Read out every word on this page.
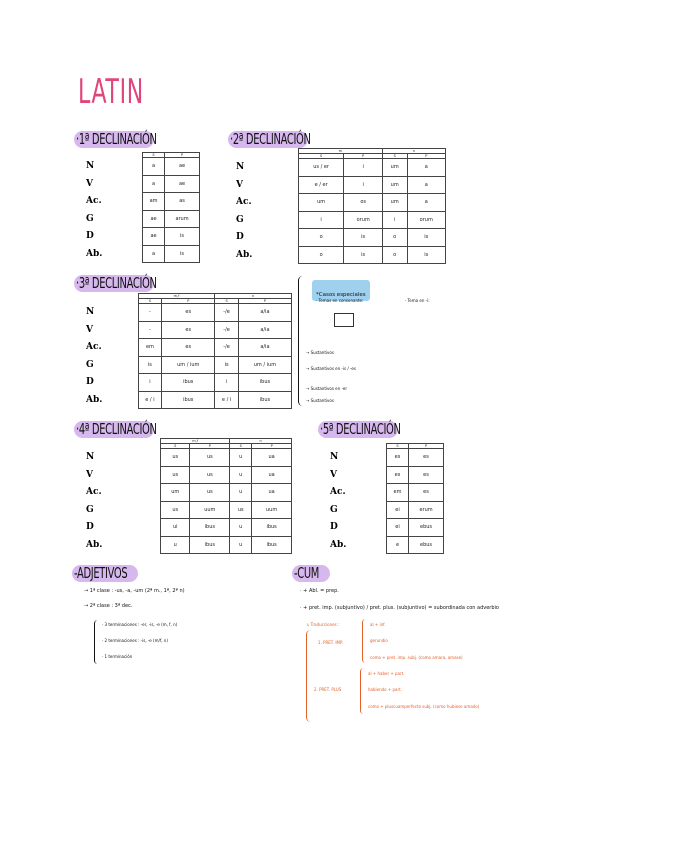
LATIN
·1ª DECLINACIÓN
	S	P
N	a	ae
V	a	ae
Ac.	am	as
G	ae	arum
D	ae	is
Ab.	a	is
·2ª DECLINACIÓN
	m		n	
	S	P	S	P
N	us / er	i	um	a
V	e / er	i	um	a
Ac.	um	os	um	a
G	i	orum	i	orum
D	o	is	o	is
Ab.	o	is	o	is
·3ª DECLINACIÓN
	m,f		n	
	S	P	S	P
N	-	es	-/e	a/ia
V	-	es	-/e	a/ia
Ac.	em	es	-/e	a/ia
G	is	um / ium	is	um / ium
D	i	ibus	i	ibus
Ab.	e / i	ibus	e / i	ibus
*Casos especiales
· Temas en consonante:	· Tema en -i:
→ Sustantivos
→ Sustantivos en -is / -es
→ Sustantivos en -er
→ Sustantivos
·4ª DECLINACIÓN
	m,f		n	
	S	P	S	P
N	us	us	u	ua
V	us	us	u	ua
Ac.	um	us	u	ua
G	us	uum	us	uum
D	ui	ibus	u	ibus
Ab.	u	ibus	u	ibus
·5ª DECLINACIÓN
	S	P
N	es	es
V	es	es
Ac.	em	es
G	ei	erum
D	ei	ebus
Ab.	e	ebus
-ADJETIVOS
→ 1ª clase : -us, -a, -um (2ª m., 1ª, 2ª n)
→ 2ª clase : 3ª dec.
· 3 terminaciones : -er, -is, -e (m, f, n)
· 2 terminaciones : -is, -e (m/f, n)
· 1 terminación
-CUM
· + Abl. = prep.
· + pret. imp. (subjuntivo) / pret. plus. (subjuntivo) = subordinada con adverbio
↳ Traducciones :
1. PRET. IMP.
al + inf.
gerundio
como + pret. imp. subj. (como amara, amase)
2. PRET. PLUS
al + haber + part.
habiendo + part.
como + pluscuamperfecto subj. (como hubiese amado)
